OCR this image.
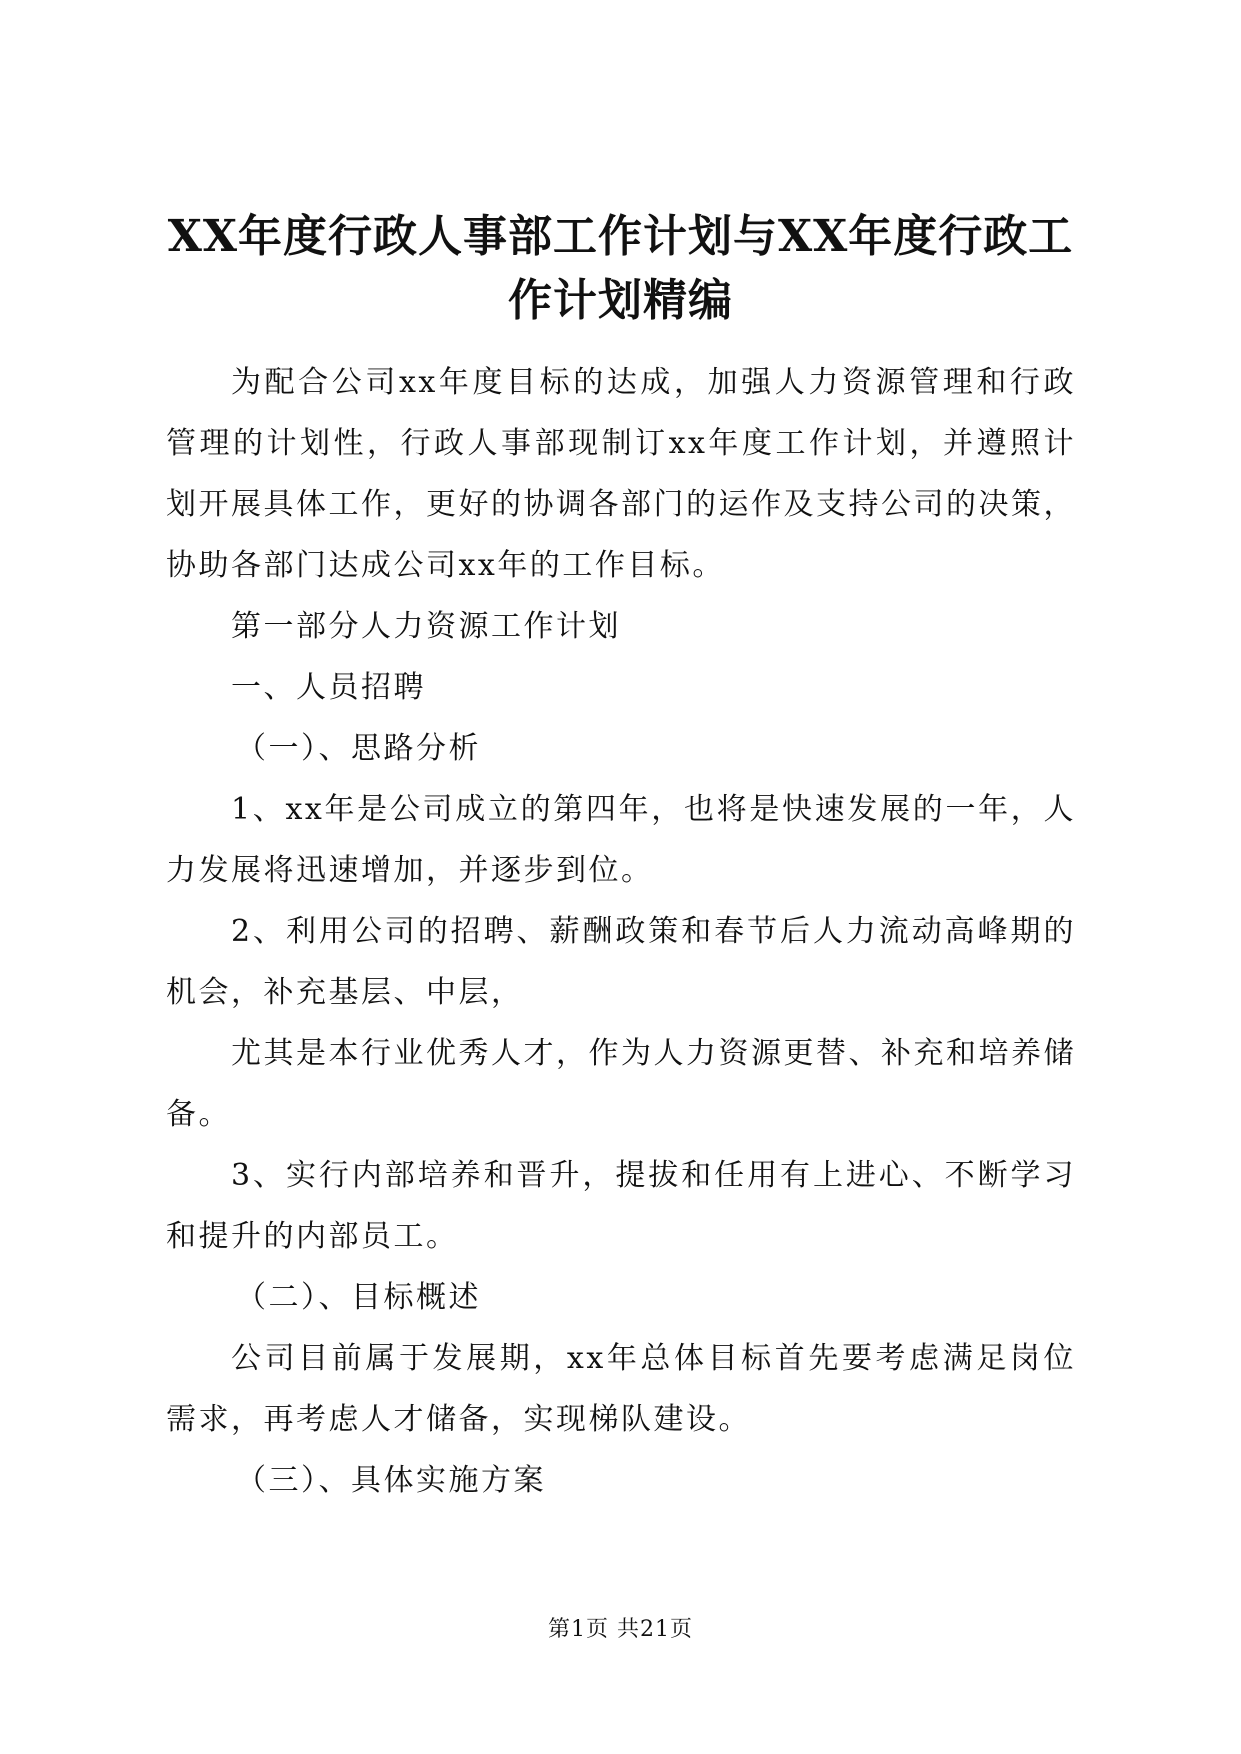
XX年度行政人事部工作计划与XX年度行政工
作计划精编

为配合公司xx年度目标的达成，加强人力资源管理和行政管理的计划性，行政人事部现制订xx年度工作计划，并遵照计划开展具体工作，更好的协调各部门的运作及支持公司的决策，协助各部门达成公司xx年的工作目标。

第一部分人力资源工作计划

一、人员招聘

（一）、思路分析

1、xx年是公司成立的第四年，也将是快速发展的一年，人力发展将迅速增加，并逐步到位。

2、利用公司的招聘、薪酬政策和春节后人力流动高峰期的机会，补充基层、中层，

尤其是本行业优秀人才，作为人力资源更替、补充和培养储备。

3、实行内部培养和晋升，提拔和任用有上进心、不断学习和提升的内部员工。

（二）、目标概述

公司目前属于发展期，xx年总体目标首先要考虑满足岗位需求，再考虑人才储备，实现梯队建设。

（三）、具体实施方案

第1页 共21页
